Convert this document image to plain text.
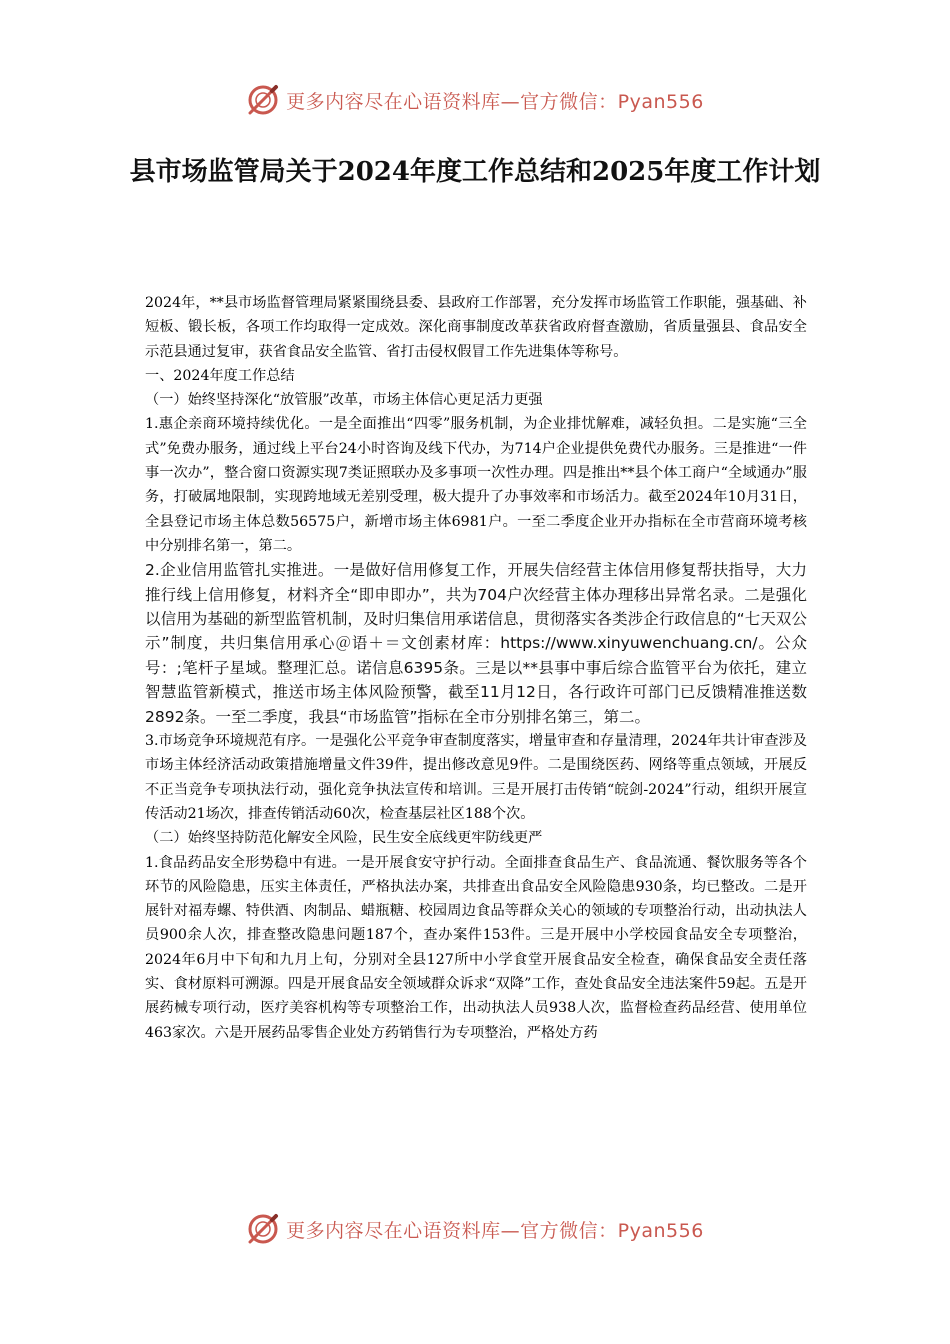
更多内容尽在心语资料库—官方微信：Pyan556
县市场监管局关于2024年度工作总结和2025年度工作计划

2024年，**县市场监督管理局紧紧围绕县委、县政府工作部署，充分发挥市场监管工作职能，强基础、补短板、锻长板，各项工作均取得一定成效。深化商事制度改革获省政府督查激励，省质量强县、食品安全示范县通过复审，获省食品安全监管、省打击侵权假冒工作先进集体等称号。

一、2024年度工作总结

（一）始终坚持深化“放管服”改革，市场主体信心更足活力更强

1.惠企亲商环境持续优化。一是全面推出“四零”服务机制，为企业排忧解难，减轻负担。二是实施“三全式”免费办服务，通过线上平台24小时咨询及线下代办，为714户企业提供免费代办服务。三是推进“一件事一次办”，整合窗口资源实现7类证照联办及多事项一次性办理。四是推出**县个体工商户“全域通办”服务，打破属地限制，实现跨地域无差别受理，极大提升了办事效率和市场活力。截至2024年10月31日，全县登记市场主体总数56575户，新增市场主体6981户。一至二季度企业开办指标在全市营商环境考核中分别排名第一，第二。

2.企业信用监管扎实推进。一是做好信用修复工作，开展失信经营主体信用修复帮扶指导，大力推行线上信用修复，材料齐全“即申即办”，共为704户次经营主体办理移出异常名录。二是强化以信用为基础的新型监管机制，及时归集信用承诺信息，贯彻落实各类涉企行政信息的“七天双公示”制度，共归集信用承心＠语＋＝文创素材库：https://www.xinyuwenchuang.cn/。公众号：;笔杆子星域。整理汇总。诺信息6395条。三是以**县事中事后综合监管平台为依托，建立智慧监管新模式，推送市场主体风险预警，截至11月12日，各行政许可部门已反馈精准推送数2892条。一至二季度，我县“市场监管”指标在全市分别排名第三，第二。

3.市场竞争环境规范有序。一是强化公平竞争审查制度落实，增量审查和存量清理，2024年共计审查涉及市场主体经济活动政策措施增量文件39件，提出修改意见9件。二是围绕医药、网络等重点领域，开展反不正当竞争专项执法行动，强化竞争执法宣传和培训。三是开展打击传销“皖剑-2024”行动，组织开展宣传活动21场次，排查传销活动60次，检查基层社区188个次。

（二）始终坚持防范化解安全风险，民生安全底线更牢防线更严

1.食品药品安全形势稳中有进。一是开展食安守护行动。全面排查食品生产、食品流通、餐饮服务等各个环节的风险隐患，压实主体责任，严格执法办案，共排查出食品安全风险隐患930条，均已整改。二是开展针对福寿螺、特供酒、肉制品、蜡瓶糖、校园周边食品等群众关心的领域的专项整治行动，出动执法人员900余人次，排查整改隐患问题187个，查办案件153件。三是开展中小学校园食品安全专项整治，2024年6月中下旬和九月上旬，分别对全县127所中小学食堂开展食品安全检查，确保食品安全责任落实、食材原料可溯源。四是开展食品安全领域群众诉求“双降”工作，查处食品安全违法案件59起。五是开展药械专项行动，医疗美容机构等专项整治工作，出动执法人员938人次，监督检查药品经营、使用单位463家次。六是开展药品零售企业处方药销售行为专项整治，严格处方药

更多内容尽在心语资料库—官方微信：Pyan556
